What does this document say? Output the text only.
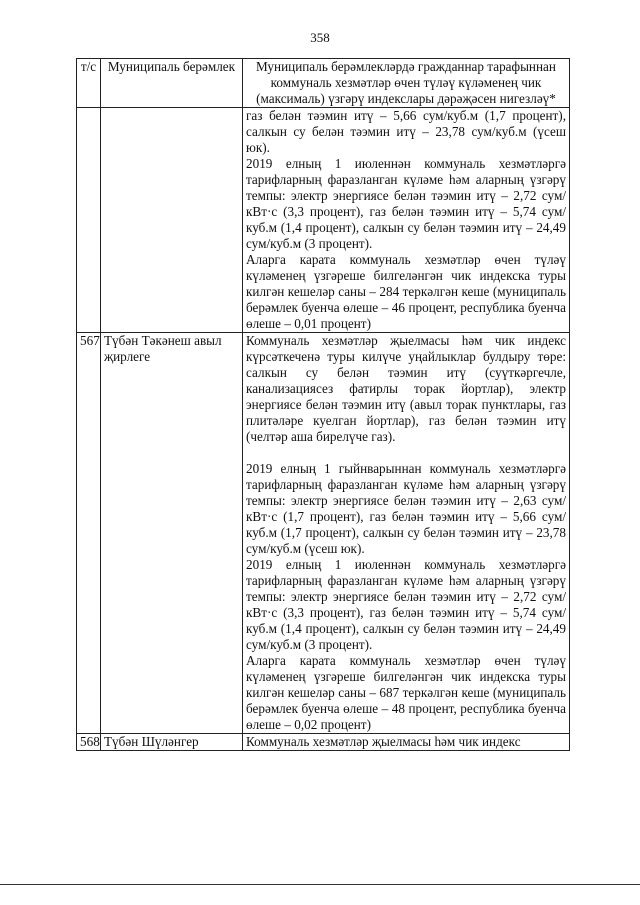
358
т/с	Муниципаль берәмлек	Муниципаль берәмлекләрдә гражданнар тарафыннан коммуналь хезмәтләр өчен түләү күләменең чик (максималь) үзгәрү индекслары дәрәҗәсен нигезләү*

		газ белән тәэмин итү – 5,66 сум/куб.м (1,7 процент), салкын су белән тәэмин итү – 23,78 сум/куб.м (үсеш юк).

2019 елның 1 июленнән коммуналь хезмәтләргә тарифларның фаразланган күләме һәм аларның үзгәрү темпы: электр энергиясе белән тәэмин итү – 2,72 сум/кВт·с (3,3 процент), газ белән тәэмин итү – 5,74 сум/куб.м (1,4 процент), салкын су белән тәэмин итү – 24,49 сум/куб.м (3 процент).

Аларга карата коммуналь хезмәтләр өчен түләү күләменең үзгәреше билгеләнгән чик индекска туры килгән кешеләр саны – 284 теркәлгән кеше (муниципаль берәмлек буенча өлеше – 46 процент, республика буенча өлеше – 0,01 процент)

567	Түбән Тәкәнеш авыл җирлеге	Коммуналь хезмәтләр җыелмасы һәм чик индекс күрсәткеченә туры килүче уңайлыклар булдыру төре: салкын су белән тәэмин итү (суүткәргечле, канализациясез фатирлы торак йортлар), электр энергиясе белән тәэмин итү (авыл торак пунктлары, газ плитәләре куелган йортлар), газ белән тәэмин итү (челтәр аша бирелүче газ).

2019 елның 1 гыйнварыннан коммуналь хезмәтләргә тарифларның фаразланган күләме һәм аларның үзгәрү темпы: электр энергиясе белән тәэмин итү – 2,63 сум/кВт·с (1,7 процент), газ белән тәэмин итү – 5,66 сум/куб.м (1,7 процент), салкын су белән тәэмин итү – 23,78 сум/куб.м (үсеш юк).

2019 елның 1 июленнән коммуналь хезмәтләргә тарифларның фаразланган күләме һәм аларның үзгәрү темпы: электр энергиясе белән тәэмин итү – 2,72 сум/кВт·с (3,3 процент), газ белән тәэмин итү – 5,74 сум/куб.м (1,4 процент), салкын су белән тәэмин итү – 24,49 сум/куб.м (3 процент).

Аларга карата коммуналь хезмәтләр өчен түләү күләменең үзгәреше билгеләнгән чик индекска туры килгән кешеләр саны – 687 теркәлгән кеше (муниципаль берәмлек буенча өлеше – 48 процент, республика буенча өлеше – 0,02 процент)

568	Түбән Шүләнгер	Коммуналь хезмәтләр җыелмасы һәм чик индекс
